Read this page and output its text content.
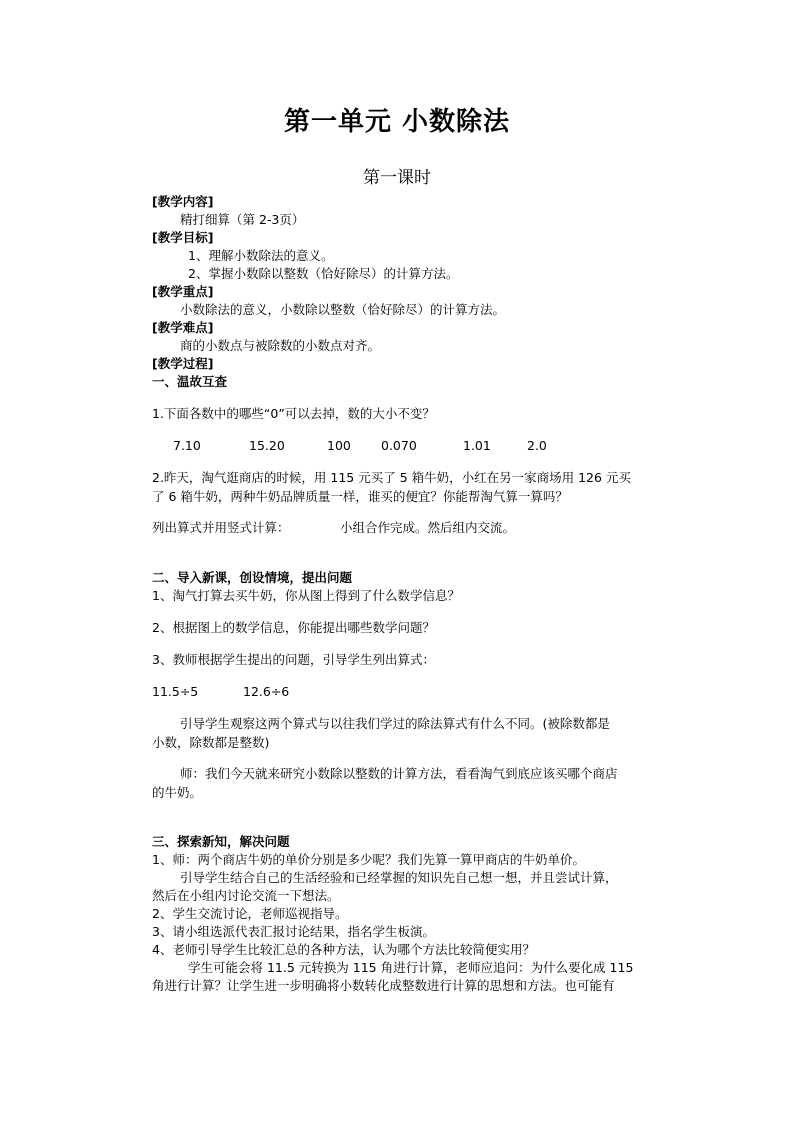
第一单元 小数除法
第一课时
[教学内容]
精打细算（第 2-3页）
[教学目标]
1、理解小数除法的意义。
2、掌握小数除以整数（恰好除尽）的计算方法。
[教学重点]
小数除法的意义，小数除以整数（恰好除尽）的计算方法。
[教学难点]
商的小数点与被除数的小数点对齐。
[教学过程]
一、温故互查
1.下面各数中的哪些“0”可以去掉，数的大小不变？
7.10	15.20	100 0.070	1.01	2.0
2.昨天，淘气逛商店的时候，用 115 元买了 5 箱牛奶，小红在另一家商场用 126 元买
了 6 箱牛奶，两种牛奶品牌质量一样，谁买的便宜？你能帮淘气算一算吗？
列出算式并用竖式计算：	小组合作完成。然后组内交流。
二、导入新课，创设情境，提出问题
1、淘气打算去买牛奶，你从图上得到了什么数学信息？
2、根据图上的数学信息，你能提出哪些数学问题？
3、教师根据学生提出的问题，引导学生列出算式：
11.5÷5	12.6÷6
引导学生观察这两个算式与以往我们学过的除法算式有什么不同。(被除数都是
小数，除数都是整数)
师：我们今天就来研究小数除以整数的计算方法，看看淘气到底应该买哪个商店
的牛奶。
三、探索新知，解决问题
1、师：两个商店牛奶的单价分别是多少呢？我们先算一算甲商店的牛奶单价。
引导学生结合自己的生活经验和已经掌握的知识先自己想一想，并且尝试计算，
然后在小组内讨论交流一下想法。
2、学生交流讨论，老师巡视指导。
3、请小组选派代表汇报讨论结果，指名学生板演。
4、老师引导学生比较汇总的各种方法，认为哪个方法比较简便实用？
学生可能会将 11.5 元转换为 115 角进行计算，老师应追问：为什么要化成 115
角进行计算？让学生进一步明确将小数转化成整数进行计算的思想和方法。也可能有
